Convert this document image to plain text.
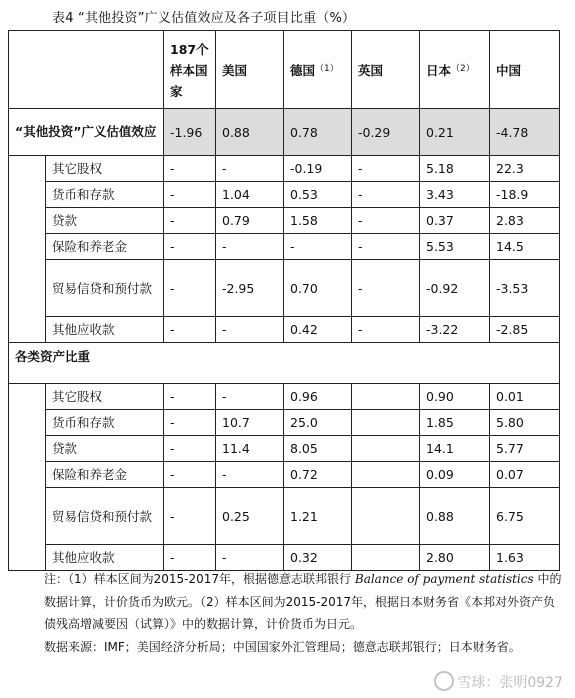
表4 “其他投资”广义估值效应及各子项目比重（%）
		187个样本国家	美国	德国$^{(1)}$	英国	日本$^{(2)}$	中国
“其他投资”广义估值效应		-1.96	0.88	0.78	-0.29	0.21	-4.78
	其它股权	-	-	-0.19	-	5.18	22.3
	货币和存款	-	1.04	0.53	-	3.43	-18.9
	贷款	-	0.79	1.58	-	0.37	2.83
	保险和养老金	-	-	-	-	5.53	14.5
	贸易信贷和预付款	-	-2.95	0.70	-	-0.92	-3.53
	其他应收款	-	-	0.42	-	-3.22	-2.85
各类资产比重							
	其它股权	-	-	0.96		0.90	0.01
	货币和存款	-	10.7	25.0		1.85	5.80
	贷款	-	11.4	8.05		14.1	5.77
	保险和养老金	-	-	0.72		0.09	0.07
	贸易信贷和预付款	-	0.25	1.21		0.88	6.75
	其他应收款	-	-	0.32		2.80	1.63

注：（1）样本区间为2015-2017年，根据德意志联邦银行 Balance of payment statistics 中的数据计算，计价货币为欧元。（2）样本区间为2015-2017年，根据日本财务省《本邦对外资产负债残高增减要因（试算）》中的数据计算，计价货币为日元。

数据来源：IMF；美国经济分析局；中国国家外汇管理局；德意志联邦银行；日本财务省。

雪球：张明0927
